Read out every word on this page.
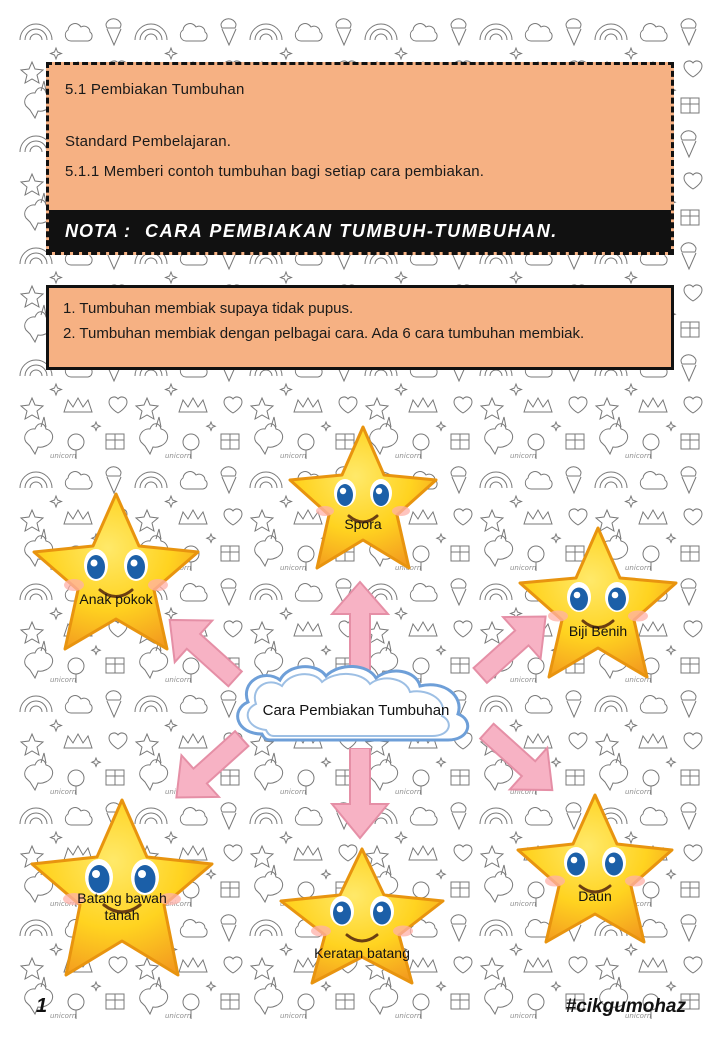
5.1 Pembiakan Tumbuhan
Standard Pembelajaran.
5.1.1 Memberi contoh tumbuhan bagi setiap cara pembiakan.
NOTA : CARA PEMBIAKAN TUMBUH-TUMBUHAN.
1. Tumbuhan membiak supaya tidak pupus.
2. Tumbuhan membiak dengan pelbagai cara. Ada 6 cara tumbuhan membiak.
Cara Pembiakan Tumbuhan
Spora
Anak pokok
Biji Benih
Batang bawah
tanah
Keratan batang
Daun
1	#cikgumohaz
